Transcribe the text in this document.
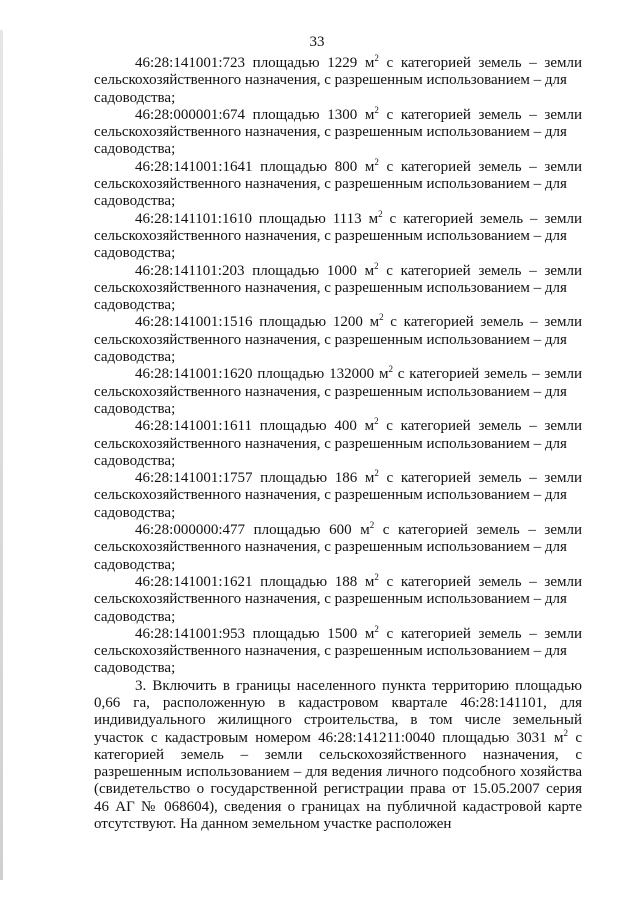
33
46:28:141001:723 площадью 1229 $м^2$ с категорией земель – земли
сельскохозяйственного назначения, с разрешенным использованием – для
садоводства;
46:28:000001:674 площадью 1300 $м^2$ с категорией земель – земли
сельскохозяйственного назначения, с разрешенным использованием – для
садоводства;
46:28:141001:1641 площадью 800 $м^2$ с категорией земель – земли
сельскохозяйственного назначения, с разрешенным использованием – для
садоводства;
46:28:141101:1610 площадью 1113 $м^2$ с категорией земель – земли
сельскохозяйственного назначения, с разрешенным использованием – для
садоводства;
46:28:141101:203 площадью 1000 $м^2$ с категорией земель – земли
сельскохозяйственного назначения, с разрешенным использованием – для
садоводства;
46:28:141001:1516 площадью 1200 $м^2$ с категорией земель – земли
сельскохозяйственного назначения, с разрешенным использованием – для
садоводства;
46:28:141001:1620 площадью 132000 $м^2$ с категорией земель – земли
сельскохозяйственного назначения, с разрешенным использованием – для
садоводства;
46:28:141001:1611 площадью 400 $м^2$ с категорией земель – земли
сельскохозяйственного назначения, с разрешенным использованием – для
садоводства;
46:28:141001:1757 площадью 186 $м^2$ с категорией земель – земли
сельскохозяйственного назначения, с разрешенным использованием – для
садоводства;
46:28:000000:477 площадью 600 $м^2$ с категорией земель – земли
сельскохозяйственного назначения, с разрешенным использованием – для
садоводства;
46:28:141001:1621 площадью 188 $м^2$ с категорией земель – земли
сельскохозяйственного назначения, с разрешенным использованием – для
садоводства;
46:28:141001:953 площадью 1500 $м^2$ с категорией земель – земли
сельскохозяйственного назначения, с разрешенным использованием – для
садоводства;

3. Включить в границы населенного пункта территорию площадью 0,66 га, расположенную в кадастровом квартале 46:28:141101, для индивидуального жилищного строительства, в том числе земельный участок с кадастровым номером 46:28:141211:0040 площадью 3031 $м^2$ с категорией земель – земли сельскохозяйственного назначения, с разрешенным использованием – для ведения личного подсобного хозяйства (свидетельство о государственной регистрации права от 15.05.2007 серия 46 АГ № 068604), сведения о границах на публичной кадастровой карте отсутствуют. На данном земельном участке расположен
